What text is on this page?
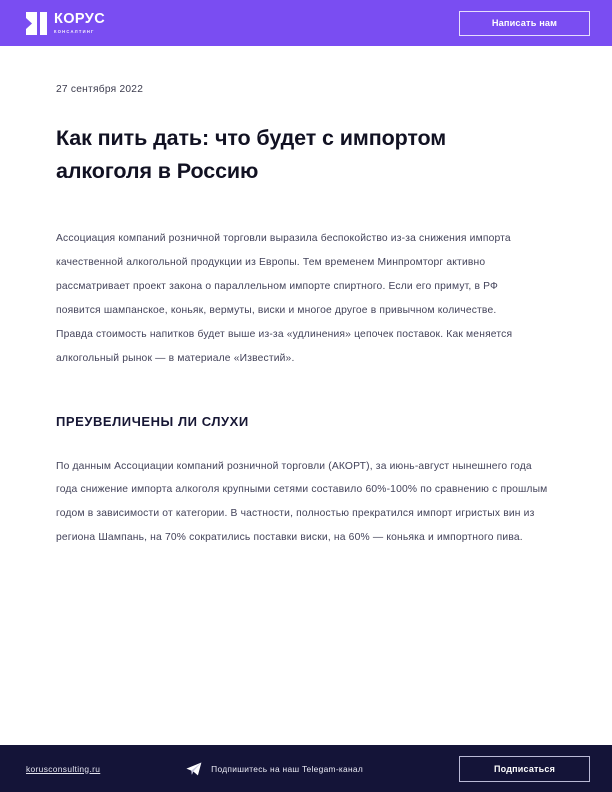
КОРУС
КОНСАЛТИНГ
Написать нам
27 сентября 2022
Как пить дать: что будет с импортом алкоголя в Россию

Ассоциация компаний розничной торговли выразила беспокойство из-за снижения импорта качественной алкогольной продукции из Европы. Тем временем Минпромторг активно рассматривает проект закона о параллельном импорте спиртного. Если его примут, в РФ появится шампанское, коньяк, вермуты, виски и многое другое в привычном количестве. Правда стоимость напитков будет выше из-за «удлинения» цепочек поставок. Как меняется алкогольный рынок — в материале «Известий».

ПРЕУВЕЛИЧЕНЫ ЛИ СЛУХИ

По данным Ассоциации компаний розничной торговли (АКОРТ), за июнь-август нынешнего года года снижение импорта алкоголя крупными сетями составило 60%-100% по сравнению с прошлым годом в зависимости от категории. В частности, полностью прекратился импорт игристых вин из региона Шампань, на 70% сократились поставки виски, на 60% — коньяка и импортного пива.

korusconsulting.ru	Подпишитесь на наш Telegam-канал	Подписаться
